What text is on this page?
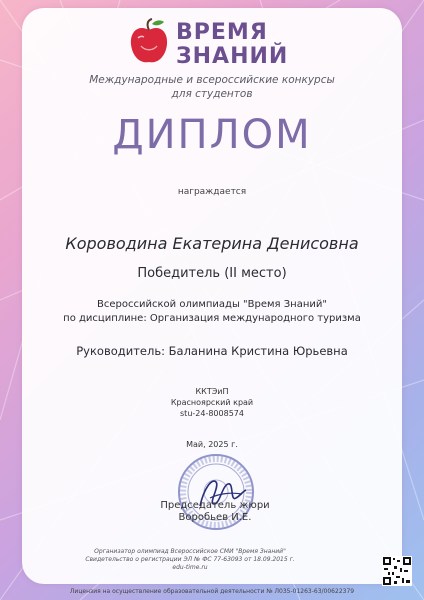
ВРЕМЯ
ЗНАНИЙ
Международные и всероссийские конкурсы
для студентов
ДИПЛОМ
награждается
Короводина Екатерина Денисовна
Победитель (II место)
Всероссийской олимпиады "Время Знаний"
по дисциплине: Организация международного туризма
Руководитель: Баланина Кристина Юрьевна
ККТЭиП
Красноярский край
stu-24-8008574
Май, 2025 г.
Председатель жюри
Воробьев И.Е.
Организатор олимпиад Всероссийское СМИ "Время Знаний"
Свидетельство о регистрации ЭЛ № ФС 77-63093 от 18.09.2015 г.
edu-time.ru
Лицензия на осуществление образовательной деятельности № Л035-01263-63/00622379
